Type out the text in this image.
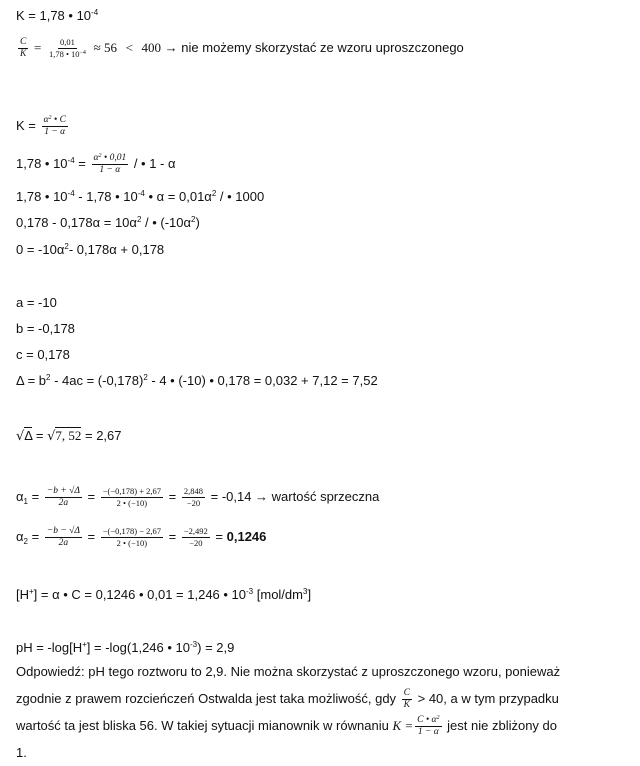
K = 1,78 • $10^{-4}$
$\frac{C}{K} = \frac{0,01}{1,78 • 10^{-4}} \approx 56 < 400$ → nie możemy skorzystać ze wzoru uproszczonego
$K = \frac{\alpha^2 • C}{1 - \alpha}$
1,78 • $10^{-4} = \frac{\alpha^2 • 0,01}{1 - \alpha}$ / • 1 - α
1,78 • $10^{-4} - 1,78$ • $10^{-4}$ • $\alpha = 0,01\alpha^2$ / • 1000
$0,178 - 0,178\alpha = 10\alpha^2$ / • $(-10\alpha^2)$
$0 = -10\alpha^2-$ 0,178α + 0,178
a = -10
b = -0,178
c = 0,178
$\Delta = b^2 - 4ac = (-0,178)^2 - 4$ • (-10) • 0,178 = 0,032 + 7,12 = 7,52
√Δ = √7, 52 = 2,67
$\alpha_1 = \frac{-b + √\Delta}{2a} = \frac{-(-0,178) + 2,67}{2 • (-10)} = \frac{2,848}{-20} = -0,14$ → wartość sprzeczna
$\alpha_2 = \frac{-b - √\Delta}{2a} = \frac{-(-0,178) - 2,67}{2 • (-10)} = \frac{-2,492}{-20} = 0,1246$
[H+] = α • C = 0,1246 • 0,01 = 1,246 • $10^{-3}$ $[mol/dm^3]$
pH = -log[H+] = -log(1,246 • $10^{-3}) = 2,9$
Odpowiedź: pH tego roztworu to 2,9. Nie można skorzystać z uproszczonego wzoru, ponieważ
zgodnie z prawem rozcieńczeń Ostwalda jest taka możliwość, gdy $\frac{C}{K} > 40$, a w tym przypadku
wartość ta jest bliska 56. W takiej sytuacji mianownik w równaniu $K = \frac{C • \alpha^2}{1 - \alpha}$ jest nie zbliżony do
1.
